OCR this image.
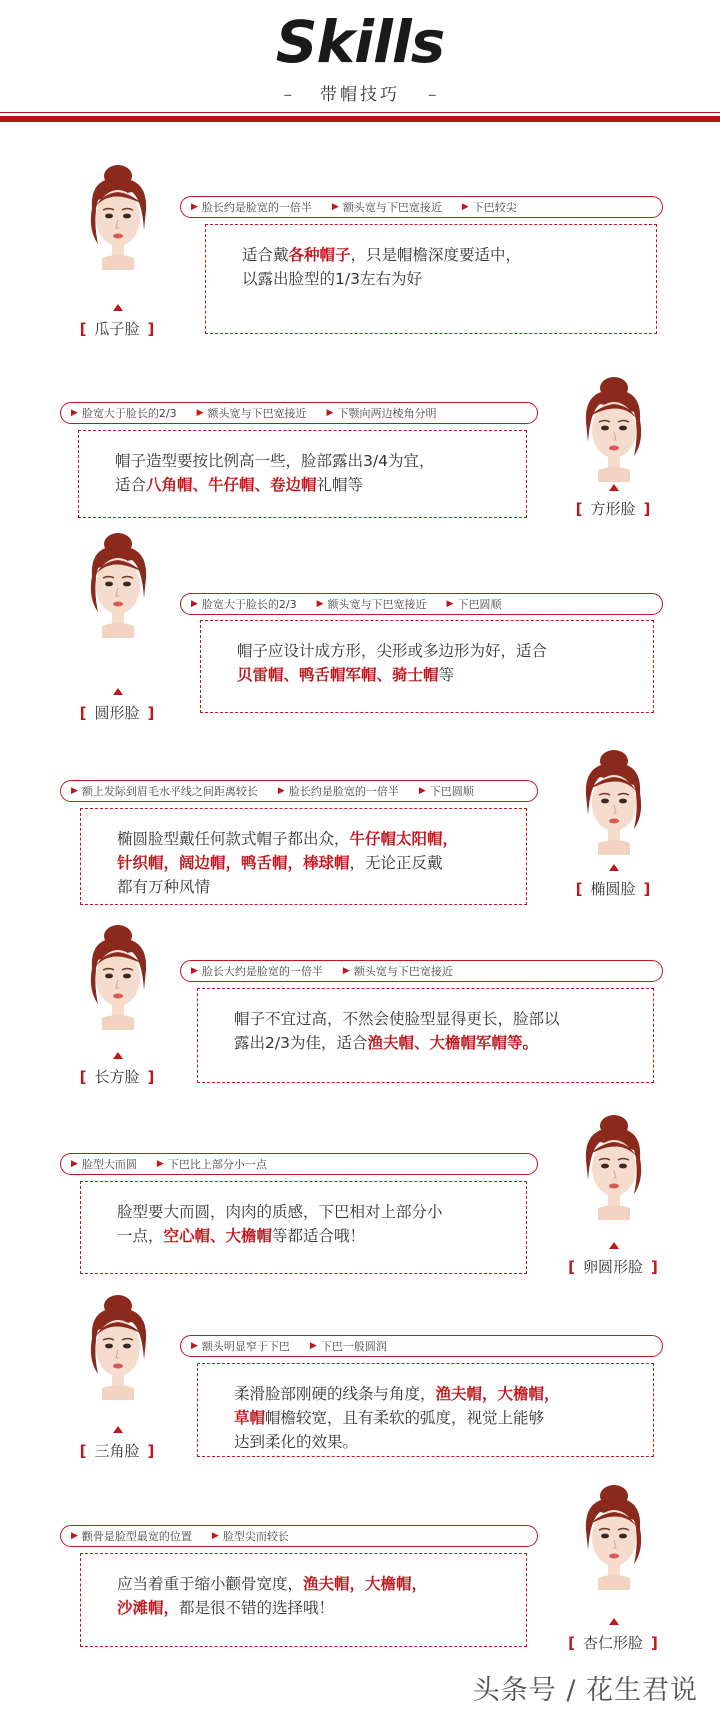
Skills
– 带帽技巧 –
[ 瓜子脸 ]
▶ 脸长约是脸宽的一倍半 ▶ 额头宽与下巴宽接近 ▶ 下巴较尖
适合戴各种帽子，只是帽檐深度要适中，
以露出脸型的1/3左右为好
[ 方形脸 ]
▶ 脸宽大于脸长的2/3 ▶ 额头宽与下巴宽接近 ▶ 下颚向两边棱角分明
帽子造型要按比例高一些，脸部露出3/4为宜，
适合八角帽、牛仔帽、卷边帽礼帽等
[ 圆形脸 ]
▶ 脸宽大于脸长的2/3 ▶ 额头宽与下巴宽接近 ▶ 下巴圆顺
帽子应设计成方形，尖形或多边形为好，适合
贝雷帽、鸭舌帽军帽、骑士帽等
[ 椭圆脸 ]
▶ 额上发际到眉毛水平线之间距离较长 ▶ 脸长约是脸宽的一倍半 ▶ 下巴圆顺
椭圆脸型戴任何款式帽子都出众，牛仔帽太阳帽，
针织帽，阔边帽，鸭舌帽，棒球帽，无论正反戴
都有万种风情
[ 长方脸 ]
▶ 脸长大约是脸宽的一倍半 ▶ 额头宽与下巴宽接近
帽子不宜过高，不然会使脸型显得更长，脸部以
露出2/3为佳，适合渔夫帽、大檐帽军帽等。
[ 卵圆形脸 ]
▶ 脸型大而圆 ▶ 下巴比上部分小一点
脸型要大而圆，肉肉的质感，下巴相对上部分小
一点，空心帽、大檐帽等都适合哦！
[ 三角脸 ]
▶ 额头明显窄于下巴 ▶ 下巴一般圆润
柔滑脸部刚硬的线条与角度，渔夫帽，大檐帽，
草帽帽檐较宽，且有柔软的弧度，视觉上能够
达到柔化的效果。
[ 杏仁形脸 ]
▶ 颧骨是脸型最宽的位置 ▶ 脸型尖而较长
应当着重于缩小颧骨宽度，渔夫帽，大檐帽，
沙滩帽，都是很不错的选择哦！
头条号 / 花生君说
